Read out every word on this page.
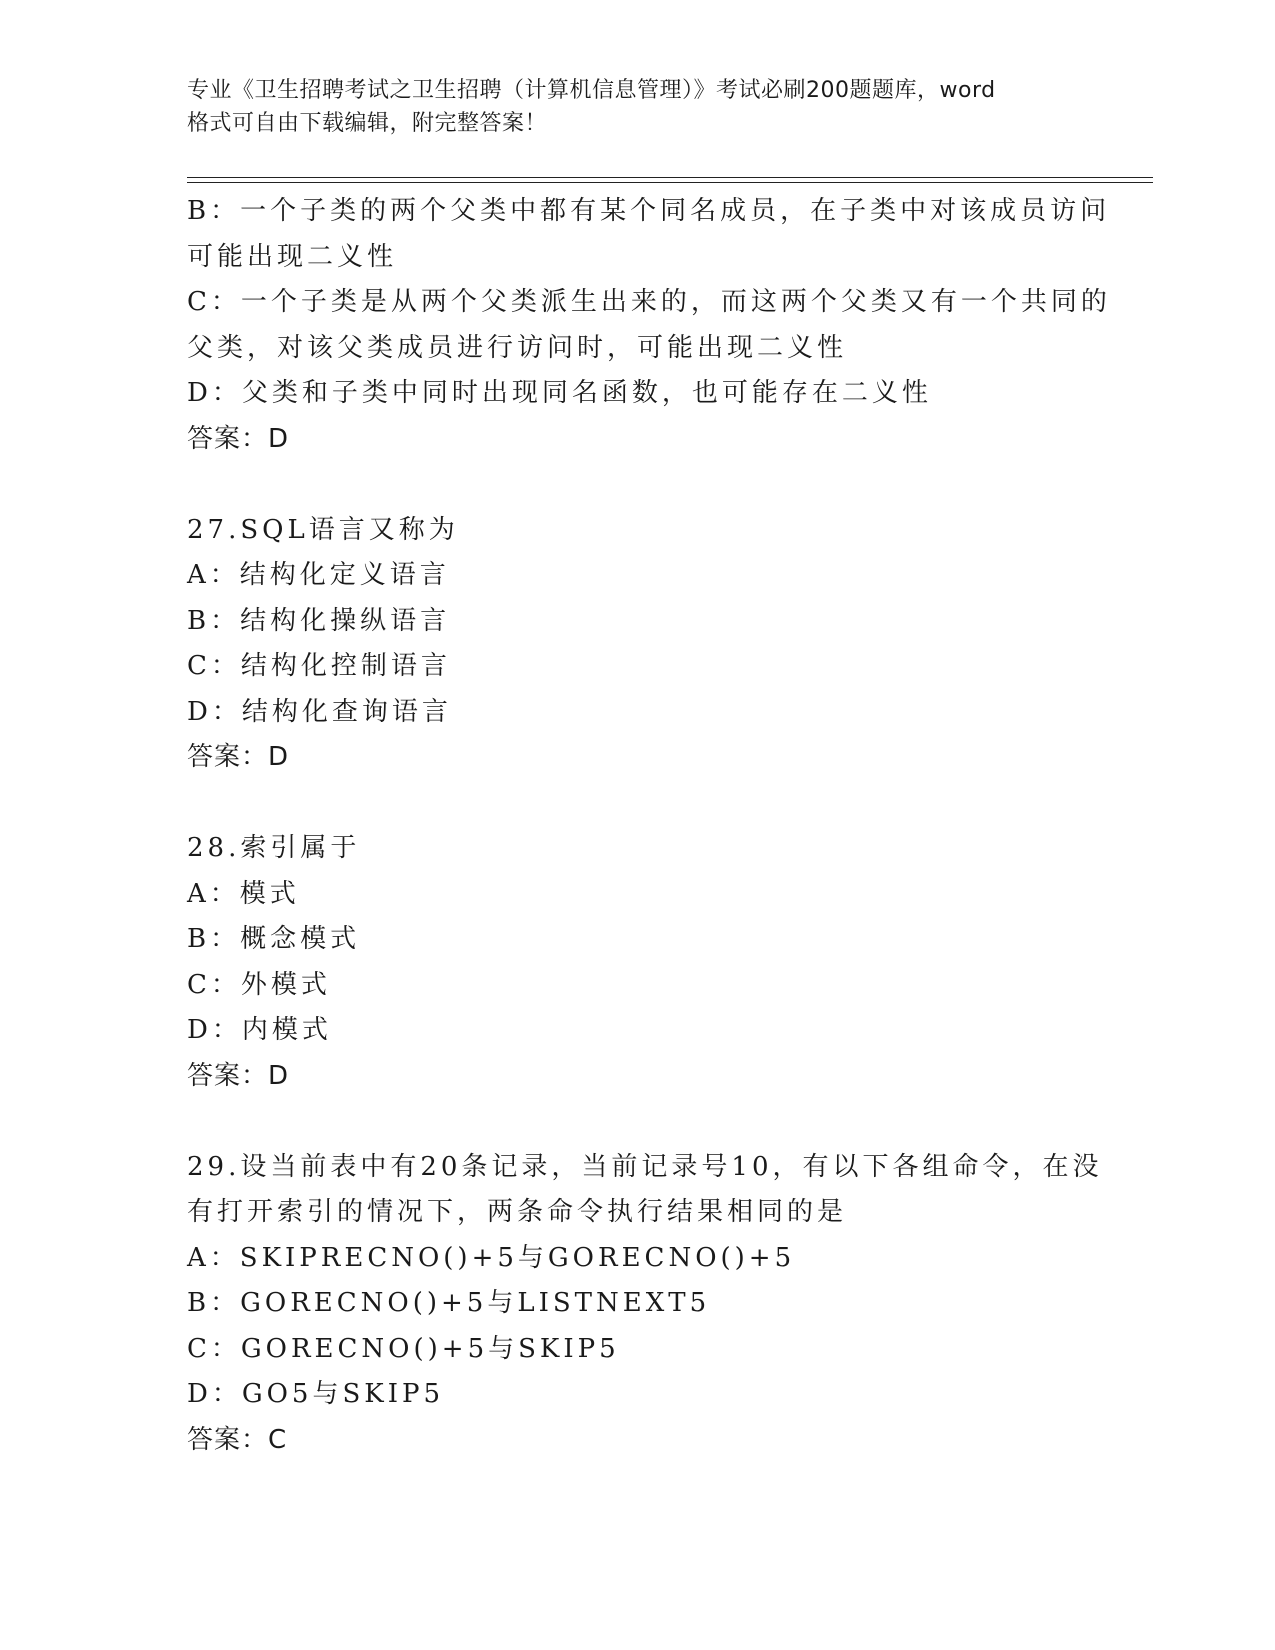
专业《卫生招聘考试之卫生招聘（计算机信息管理）》考试必刷200题题库，word
格式可自由下载编辑，附完整答案！
B：一个子类的两个父类中都有某个同名成员，在子类中对该成员访问
可能出现二义性
C：一个子类是从两个父类派生出来的，而这两个父类又有一个共同的
父类，对该父类成员进行访问时，可能出现二义性
D：父类和子类中同时出现同名函数，也可能存在二义性
答案：D
27.SQL语言又称为
A：结构化定义语言
B：结构化操纵语言
C：结构化控制语言
D：结构化查询语言
答案：D
28.索引属于
A：模式
B：概念模式
C：外模式
D：内模式
答案：D
29.设当前表中有20条记录，当前记录号10，有以下各组命令，在没
有打开索引的情况下，两条命令执行结果相同的是
A：SKIPRECNO()+5与GORECNO()+5
B：GORECNO()+5与LISTNEXT5
C：GORECNO()+5与SKIP5
D：GO5与SKIP5
答案：C
